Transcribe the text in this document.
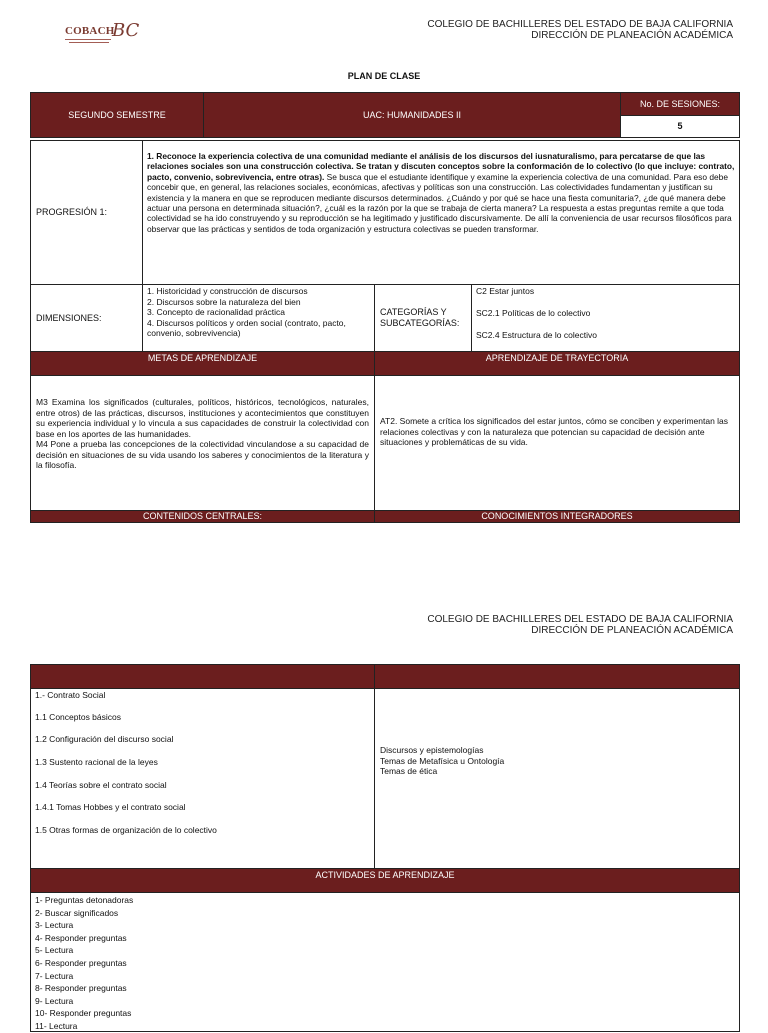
COBACH
BC	COLEGIO DE BACHILLERES DEL ESTADO DE BAJA CALIFORNIA
DIRECCIÓN DE PLANEACIÓN ACADÉMICA
PLAN DE CLASE
SEGUNDO SEMESTRE	UAC: HUMANIDADES II
No. DE SESIONES:
5
PROGRESIÓN 1:
1. Reconoce la experiencia colectiva de una comunidad mediante el análisis de los discursos del iusnaturalismo, para percatarse de que las relaciones sociales son una construcción colectiva. Se tratan y discuten conceptos sobre la conformación de lo colectivo (lo que incluye: contrato, pacto, convenio, sobrevivencia, entre otras). Se busca que el estudiante identifique y examine la experiencia colectiva de una comunidad. Para eso debe concebir que, en general, las relaciones sociales, económicas, afectivas y políticas son una construcción. Las colectividades fundamentan y justifican su existencia y la manera en que se reproducen mediante discursos determinados. ¿Cuándo y por qué se hace una fiesta comunitaria?, ¿de qué manera debe actuar una persona en determinada situación?, ¿cuál es la razón por la que se trabaja de cierta manera? La respuesta a estas preguntas remite a que toda colectividad se ha ido construyendo y su reproducción se ha legitimado y justificado discursivamente. De allí la conveniencia de usar recursos filosóficos para observar que las prácticas y sentidos de toda organización y estructura colectivas se pueden transformar.
DIMENSIONES:
1. Historicidad y construcción de discursos
2. Discursos sobre la naturaleza del bien
3. Concepto de racionalidad práctica
4. Discursos políticos y orden social (contrato, pacto, convenio, sobrevivencia)
CATEGORÍAS Y SUBCATEGORÍAS:
C2 Estar juntos
SC2.1 Políticas de lo colectivo
SC2.4 Estructura de lo colectivo
METAS DE APRENDIZAJE	APRENDIZAJE DE TRAYECTORIA
M3 Examina los significados (culturales, políticos, históricos, tecnológicos, naturales, entre otros) de las prácticas, discursos, instituciones y acontecimientos que constituyen su experiencia individual y lo vincula a sus capacidades de construir la colectividad con base en los aportes de las humanidades.
M4 Pone a prueba las concepciones de la colectividad vinculandose a su capacidad de decisión en situaciones de su vida usando los saberes y conocimientos de la literatura y la filosofía.
AT2. Somete a crítica los significados del estar juntos, cómo se conciben y experimentan las relaciones colectivas y con la naturaleza que potencian su capacidad de decisión ante situaciones y problemáticas de su vida.
CONTENIDOS CENTRALES:	CONOCIMIENTOS INTEGRADORES
COLEGIO DE BACHILLERES DEL ESTADO DE BAJA CALIFORNIA
DIRECCIÓN DE PLANEACIÓN ACADÉMICA
1.- Contrato Social
1.1 Conceptos básicos
1.2 Configuración del discurso social
1.3 Sustento racional de la leyes
1.4 Teorías sobre el contrato social
1.4.1 Tomas Hobbes y el contrato social
1.5 Otras formas de organización de lo colectivo
Discursos y epistemologías
Temas de Metafísica u Ontología
Temas de ética
ACTIVIDADES DE APRENDIZAJE
1- Preguntas detonadoras
2- Buscar significados
3- Lectura
4- Responder preguntas
5- Lectura
6- Responder preguntas
7- Lectura
8- Responder preguntas
9- Lectura
10- Responder preguntas
11- Lectura
